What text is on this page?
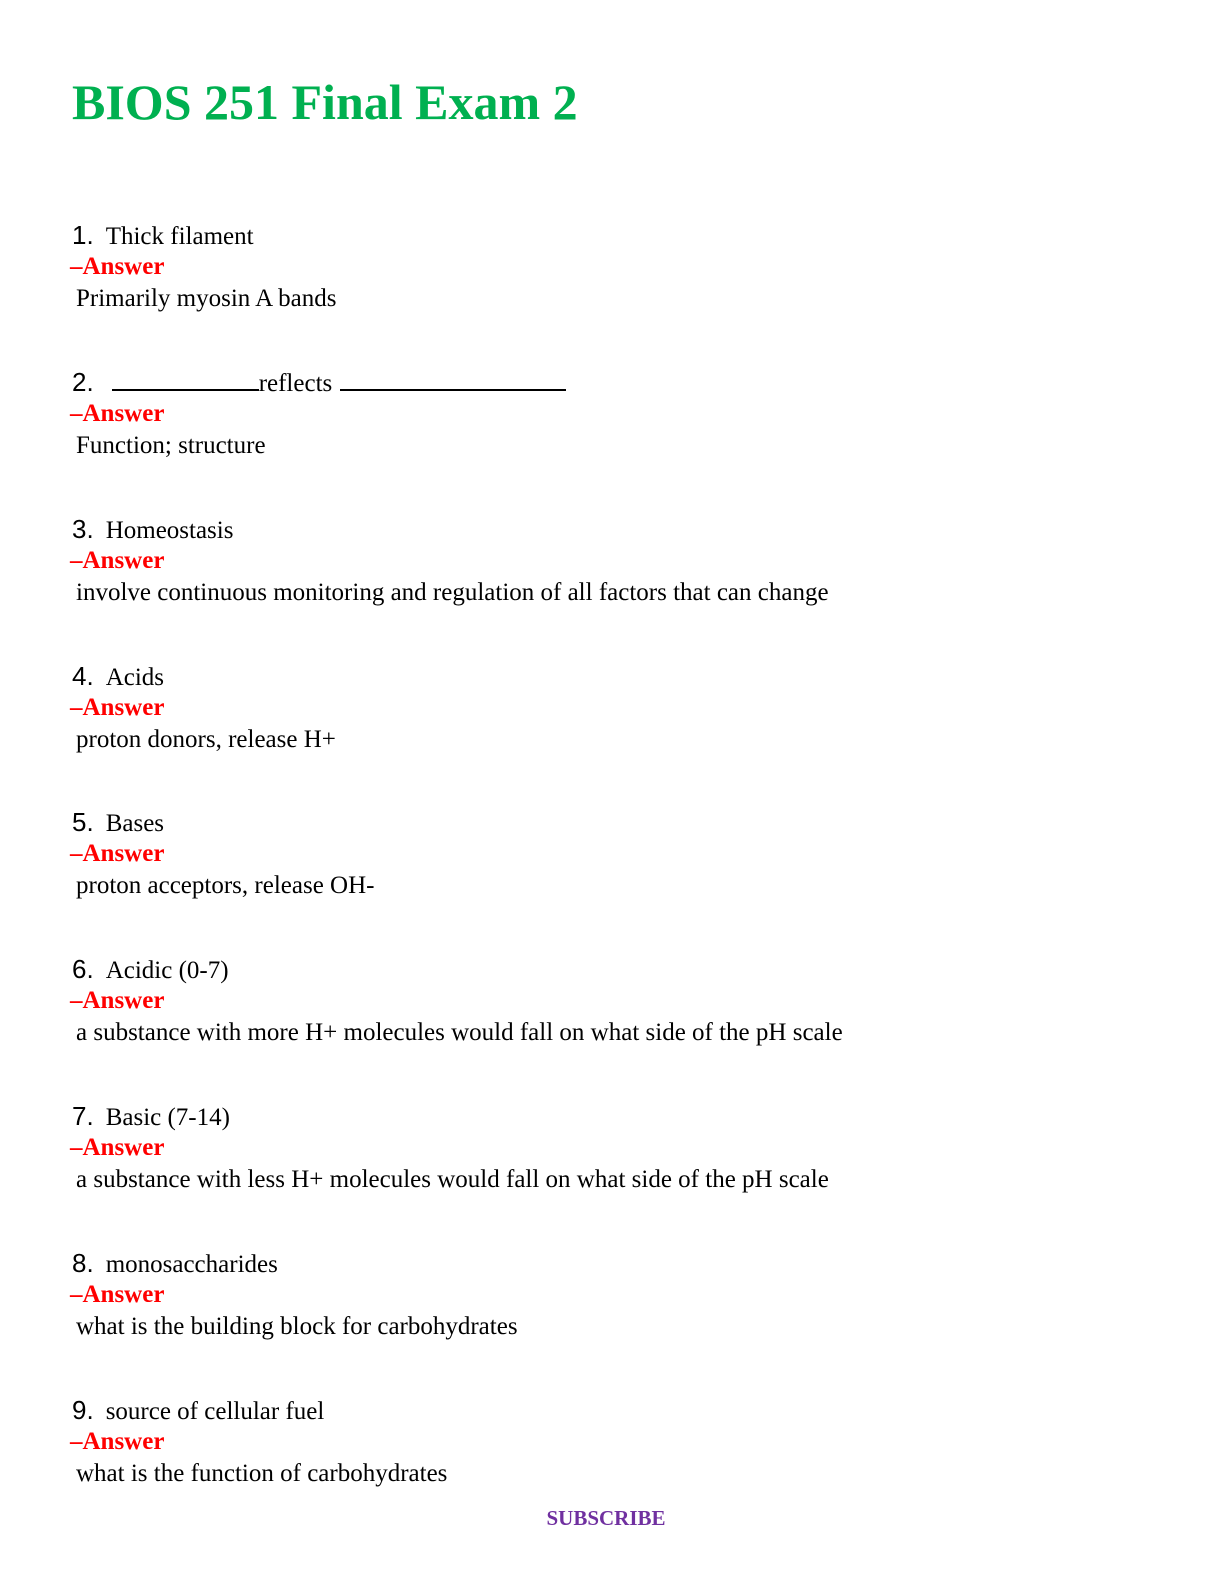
BIOS 251 Final Exam 2
1. Thick filament
–Answer
Primarily myosin A bands
2.	reflects
–Answer
Function; structure
3. Homeostasis
–Answer
involve continuous monitoring and regulation of all factors that can change
4. Acids
–Answer
proton donors, release H+
5. Bases
–Answer
proton acceptors, release OH-
6. Acidic (0-7)
–Answer
a substance with more H+ molecules would fall on what side of the pH scale
7. Basic (7-14)
–Answer
a substance with less H+ molecules would fall on what side of the pH scale
8. monosaccharides
–Answer
what is the building block for carbohydrates
9. source of cellular fuel
–Answer
what is the function of carbohydrates
SUBSCRIBE
